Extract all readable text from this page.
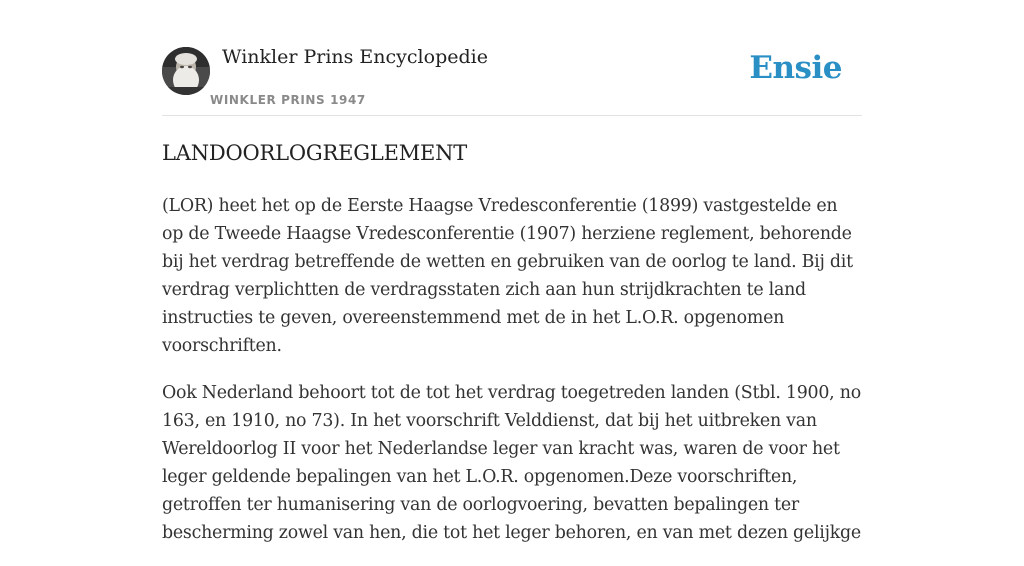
Winkler Prins Encyclopedie
WINKLER PRINS 1947
Ensie
LANDOORLOGREGLEMENT

(LOR) heet het op de Eerste Haagse Vredesconferentie (1899) vastgestelde en op de Tweede Haagse Vredesconferentie (1907) herziene reglement, behorende bij het verdrag betreffende de wetten en gebruiken van de oorlog te land. Bij dit verdrag verplichtten de verdragsstaten zich aan hun strijdkrachten te land instructies te geven, overeenstemmend met de in het L.O.R. opgenomen voorschriften.

Ook Nederland behoort tot de tot het verdrag toegetreden landen (Stbl. 1900, no 163, en 1910, no 73). In het voorschrift Velddienst, dat bij het uitbreken van Wereldoorlog II voor het Nederlandse leger van kracht was, waren de voor het leger geldende bepalingen van het L.O.R. opgenomen.Deze voorschriften, getroffen ter humanisering van de oorlogvoering, bevatten bepalingen ter bescherming zowel van hen, die tot het leger behoren, en van met dezen gelijkge
